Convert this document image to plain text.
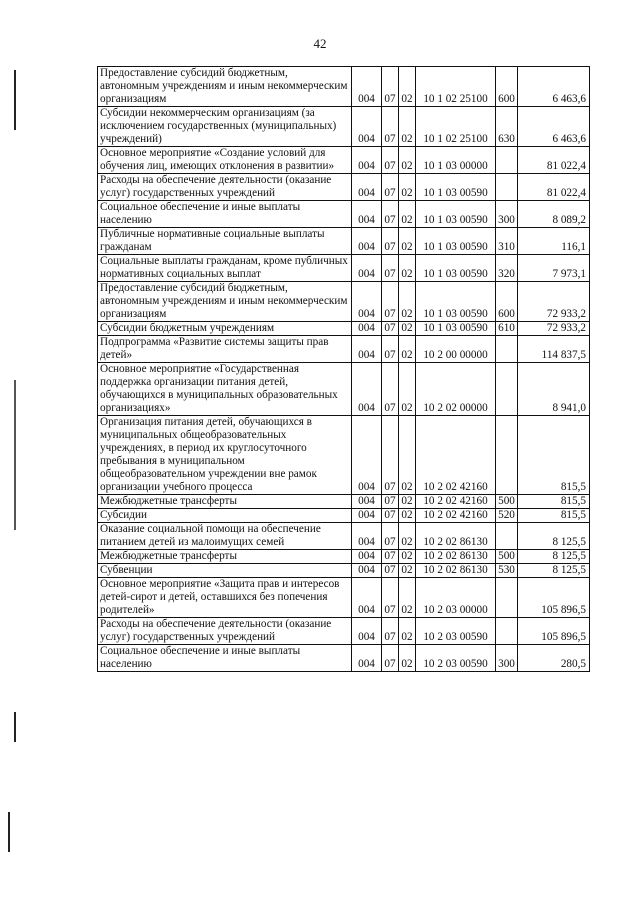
42
Предоставление субсидий бюджетным, автономным учреждениям и иным некоммерческим организациям	004	07	02	10 1 02 25100	600	6 463,6
Субсидии некоммерческим организациям (за исключением государственных (муниципальных) учреждений)	004	07	02	10 1 02 25100	630	6 463,6
Основное мероприятие «Создание условий для обучения лиц, имеющих отклонения в развитии»	004	07	02	10 1 03 00000		81 022,4
Расходы на обеспечение деятельности (оказание услуг) государственных учреждений	004	07	02	10 1 03 00590		81 022,4
Социальное обеспечение и иные выплаты населению	004	07	02	10 1 03 00590	300	8 089,2
Публичные нормативные социальные выплаты гражданам	004	07	02	10 1 03 00590	310	116,1
Социальные выплаты гражданам, кроме публичных нормативных социальных выплат	004	07	02	10 1 03 00590	320	7 973,1
Предоставление субсидий бюджетным, автономным учреждениям и иным некоммерческим организациям	004	07	02	10 1 03 00590	600	72 933,2
Субсидии бюджетным учреждениям	004	07	02	10 1 03 00590	610	72 933,2
Подпрограмма «Развитие системы защиты прав детей»	004	07	02	10 2 00 00000		114 837,5
Основное мероприятие «Государственная поддержка организации питания детей, обучающихся в муниципальных образовательных организациях»	004	07	02	10 2 02 00000		8 941,0
Организация питания детей, обучающихся в муниципальных общеобразовательных учреждениях, в период их круглосуточного пребывания в муниципальном общеобразовательном учреждении вне рамок организации учебного процесса	004	07	02	10 2 02 42160		815,5
Межбюджетные трансферты	004	07	02	10 2 02 42160	500	815,5
Субсидии	004	07	02	10 2 02 42160	520	815,5
Оказание социальной помощи на обеспечение питанием детей из малоимущих семей	004	07	02	10 2 02 86130		8 125,5
Межбюджетные трансферты	004	07	02	10 2 02 86130	500	8 125,5
Субвенции	004	07	02	10 2 02 86130	530	8 125,5
Основное мероприятие «Защита прав и интересов детей-сирот и детей, оставшихся без попечения родителей»	004	07	02	10 2 03 00000		105 896,5
Расходы на обеспечение деятельности (оказание услуг) государственных учреждений	004	07	02	10 2 03 00590		105 896,5
Социальное обеспечение и иные выплаты населению	004	07	02	10 2 03 00590	300	280,5
